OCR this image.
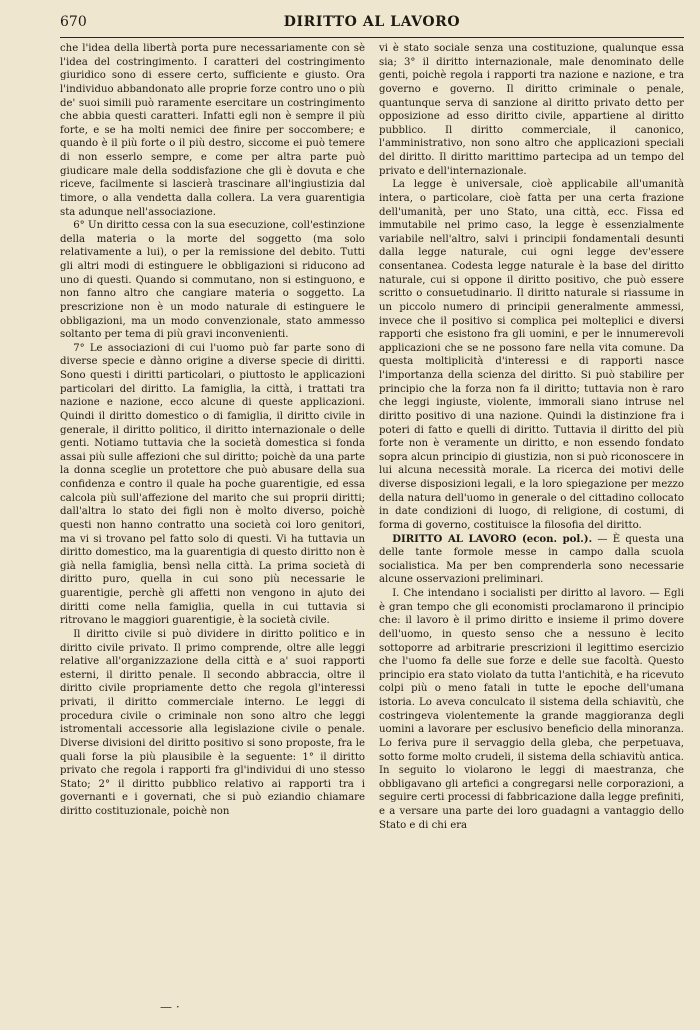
670	DIRITTO AL LAVORO

che l'idea della libertà porta pure necessariamente con sè l'idea del costringimento. I caratteri del costringimento giuridico sono di essere certo, sufficiente e giusto. Ora l'individuo abbandonato alle proprie forze contro uno o più de' suoi simili può raramente esercitare un costringimento che abbia questi caratteri. Infatti egli non è sempre il più forte, e se ha molti nemici dee finire per soccombere; e quando è il più forte o il più destro, siccome ei può temere di non esserlo sempre, e come per altra parte può giudicare male della soddisfazione che gli è dovuta e che riceve, facilmente si lascierà trascinare all'ingiustizia dal timore, o alla vendetta dalla collera. La vera guarentigia sta adunque nell'associazione.

6° Un diritto cessa con la sua esecuzione, coll'estinzione della materia o la morte del soggetto (ma solo relativamente a lui), o per la remissione del debito. Tutti gli altri modi di estinguere le obbligazioni si riducono ad uno di questi. Quando si commutano, non si estinguono, e non fanno altro che cangiare materia o soggetto. La prescrizione non è un modo naturale di estinguere le obbligazioni, ma un modo convenzionale, stato ammesso soltanto per tema di più gravi inconvenienti.

7° Le associazioni di cui l'uomo può far parte sono di diverse specie e dànno origine a diverse specie di diritti. Sono questi i diritti particolari, o piuttosto le applicazioni particolari del diritto. La famiglia, la città, i trattati tra nazione e nazione, ecco alcune di queste applicazioni. Quindi il diritto domestico o di famiglia, il diritto civile in generale, il diritto politico, il diritto internazionale o delle genti. Notiamo tuttavia che la società domestica si fonda assai più sulle affezioni che sul diritto; poichè da una parte la donna sceglie un protettore che può abusare della sua confidenza e contro il quale ha poche guarentigie, ed essa calcola più sull'affezione del marito che sui proprii diritti; dall'altra lo stato dei figli non è molto diverso, poichè questi non hanno contratto una società coi loro genitori, ma vi si trovano pel fatto solo di questi. Vi ha tuttavia un diritto domestico, ma la guarentigia di questo diritto non è già nella famiglia, bensì nella città. La prima società di diritto puro, quella in cui sono più necessarie le guarentigie, perchè gli affetti non vengono in ajuto dei diritti come nella famiglia, quella in cui tuttavia si ritrovano le maggiori guarentigie, è la società civile.

Il diritto civile si può dividere in diritto politico e in diritto civile privato. Il primo comprende, oltre alle leggi relative all'organizzazione della città e a' suoi rapporti esterni, il diritto penale. Il secondo abbraccia, oltre il diritto civile propriamente detto che regola gl'interessi privati, il diritto commerciale interno. Le leggi di procedura civile o criminale non sono altro che leggi istromentali accessorie alla legislazione civile o penale. Diverse divisioni del diritto positivo si sono proposte, fra le quali forse la più plausibile è la seguente: 1° il diritto privato che regola i rapporti fra gl'individui di uno stesso Stato; 2° il diritto pubblico relativo ai rapporti tra i governanti e i governati, che si può eziandio chiamare diritto costituzionale, poichè non

vi è stato sociale senza una costituzione, qualunque essa sia; 3° il diritto internazionale, male denominato delle genti, poichè regola i rapporti tra nazione e nazione, e tra governo e governo. Il diritto criminale o penale, quantunque serva di sanzione al diritto privato detto per opposizione ad esso diritto civile, appartiene al diritto pubblico. Il diritto commerciale, il canonico, l'amministrativo, non sono altro che applicazioni speciali del diritto. Il diritto marittimo partecipa ad un tempo del privato e dell'internazionale.

La legge è universale, cioè applicabile all'umanità intera, o particolare, cioè fatta per una certa frazione dell'umanità, per uno Stato, una città, ecc. Fissa ed immutabile nel primo caso, la legge è essenzialmente variabile nell'altro, salvi i principii fondamentali desunti dalla legge naturale, cui ogni legge dev'essere consentanea. Codesta legge naturale è la base del diritto naturale, cui si oppone il diritto positivo, che può essere scritto o consuetudinario. Il diritto naturale si riassume in un piccolo numero di principii generalmente ammessi, invece che il positivo si complica pei molteplici e diversi rapporti che esistono fra gli uomini, e per le innumerevoli applicazioni che se ne possono fare nella vita comune. Da questa moltiplicità d'interessi e di rapporti nasce l'importanza della scienza del diritto. Si può stabilire per principio che la forza non fa il diritto; tuttavia non è raro che leggi ingiuste, violente, immorali siano intruse nel diritto positivo di una nazione. Quindi la distinzione fra i poteri di fatto e quelli di diritto. Tuttavia il diritto del più forte non è veramente un diritto, e non essendo fondato sopra alcun principio di giustizia, non si può riconoscere in lui alcuna necessità morale. La ricerca dei motivi delle diverse disposizioni legali, e la loro spiegazione per mezzo della natura dell'uomo in generale o del cittadino collocato in date condizioni di luogo, di religione, di costumi, di forma di governo, costituisce la filosofia del diritto.

DIRITTO AL LAVORO (econ. pol.). — È questa una delle tante formole messe in campo dalla scuola socialistica. Ma per ben comprenderla sono necessarie alcune osservazioni preliminari.

I. Che intendano i socialisti per diritto al lavoro. — Egli è gran tempo che gli economisti proclamarono il principio che: il lavoro è il primo diritto e insieme il primo dovere dell'uomo, in questo senso che a nessuno è lecito sottoporre ad arbitrarie prescrizioni il legittimo esercizio che l'uomo fa delle sue forze e delle sue facoltà. Questo principio era stato violato da tutta l'antichità, e ha ricevuto colpi più o meno fatali in tutte le epoche dell'umana istoria. Lo aveva conculcato il sistema della schiavitù, che costringeva violentemente la grande maggioranza degli uomini a lavorare per esclusivo beneficio della minoranza. Lo feriva pure il servaggio della gleba, che perpetuava, sotto forme molto crudeli, il sistema della schiavitù antica. In seguito lo violarono le leggi di maestranza, che obbligavano gli artefici a congregarsi nelle corporazioni, a seguire certi processi di fabbricazione dalla legge prefiniti, e a versare una parte dei loro guadagni a vantaggio dello Stato e di chi era

— ·
